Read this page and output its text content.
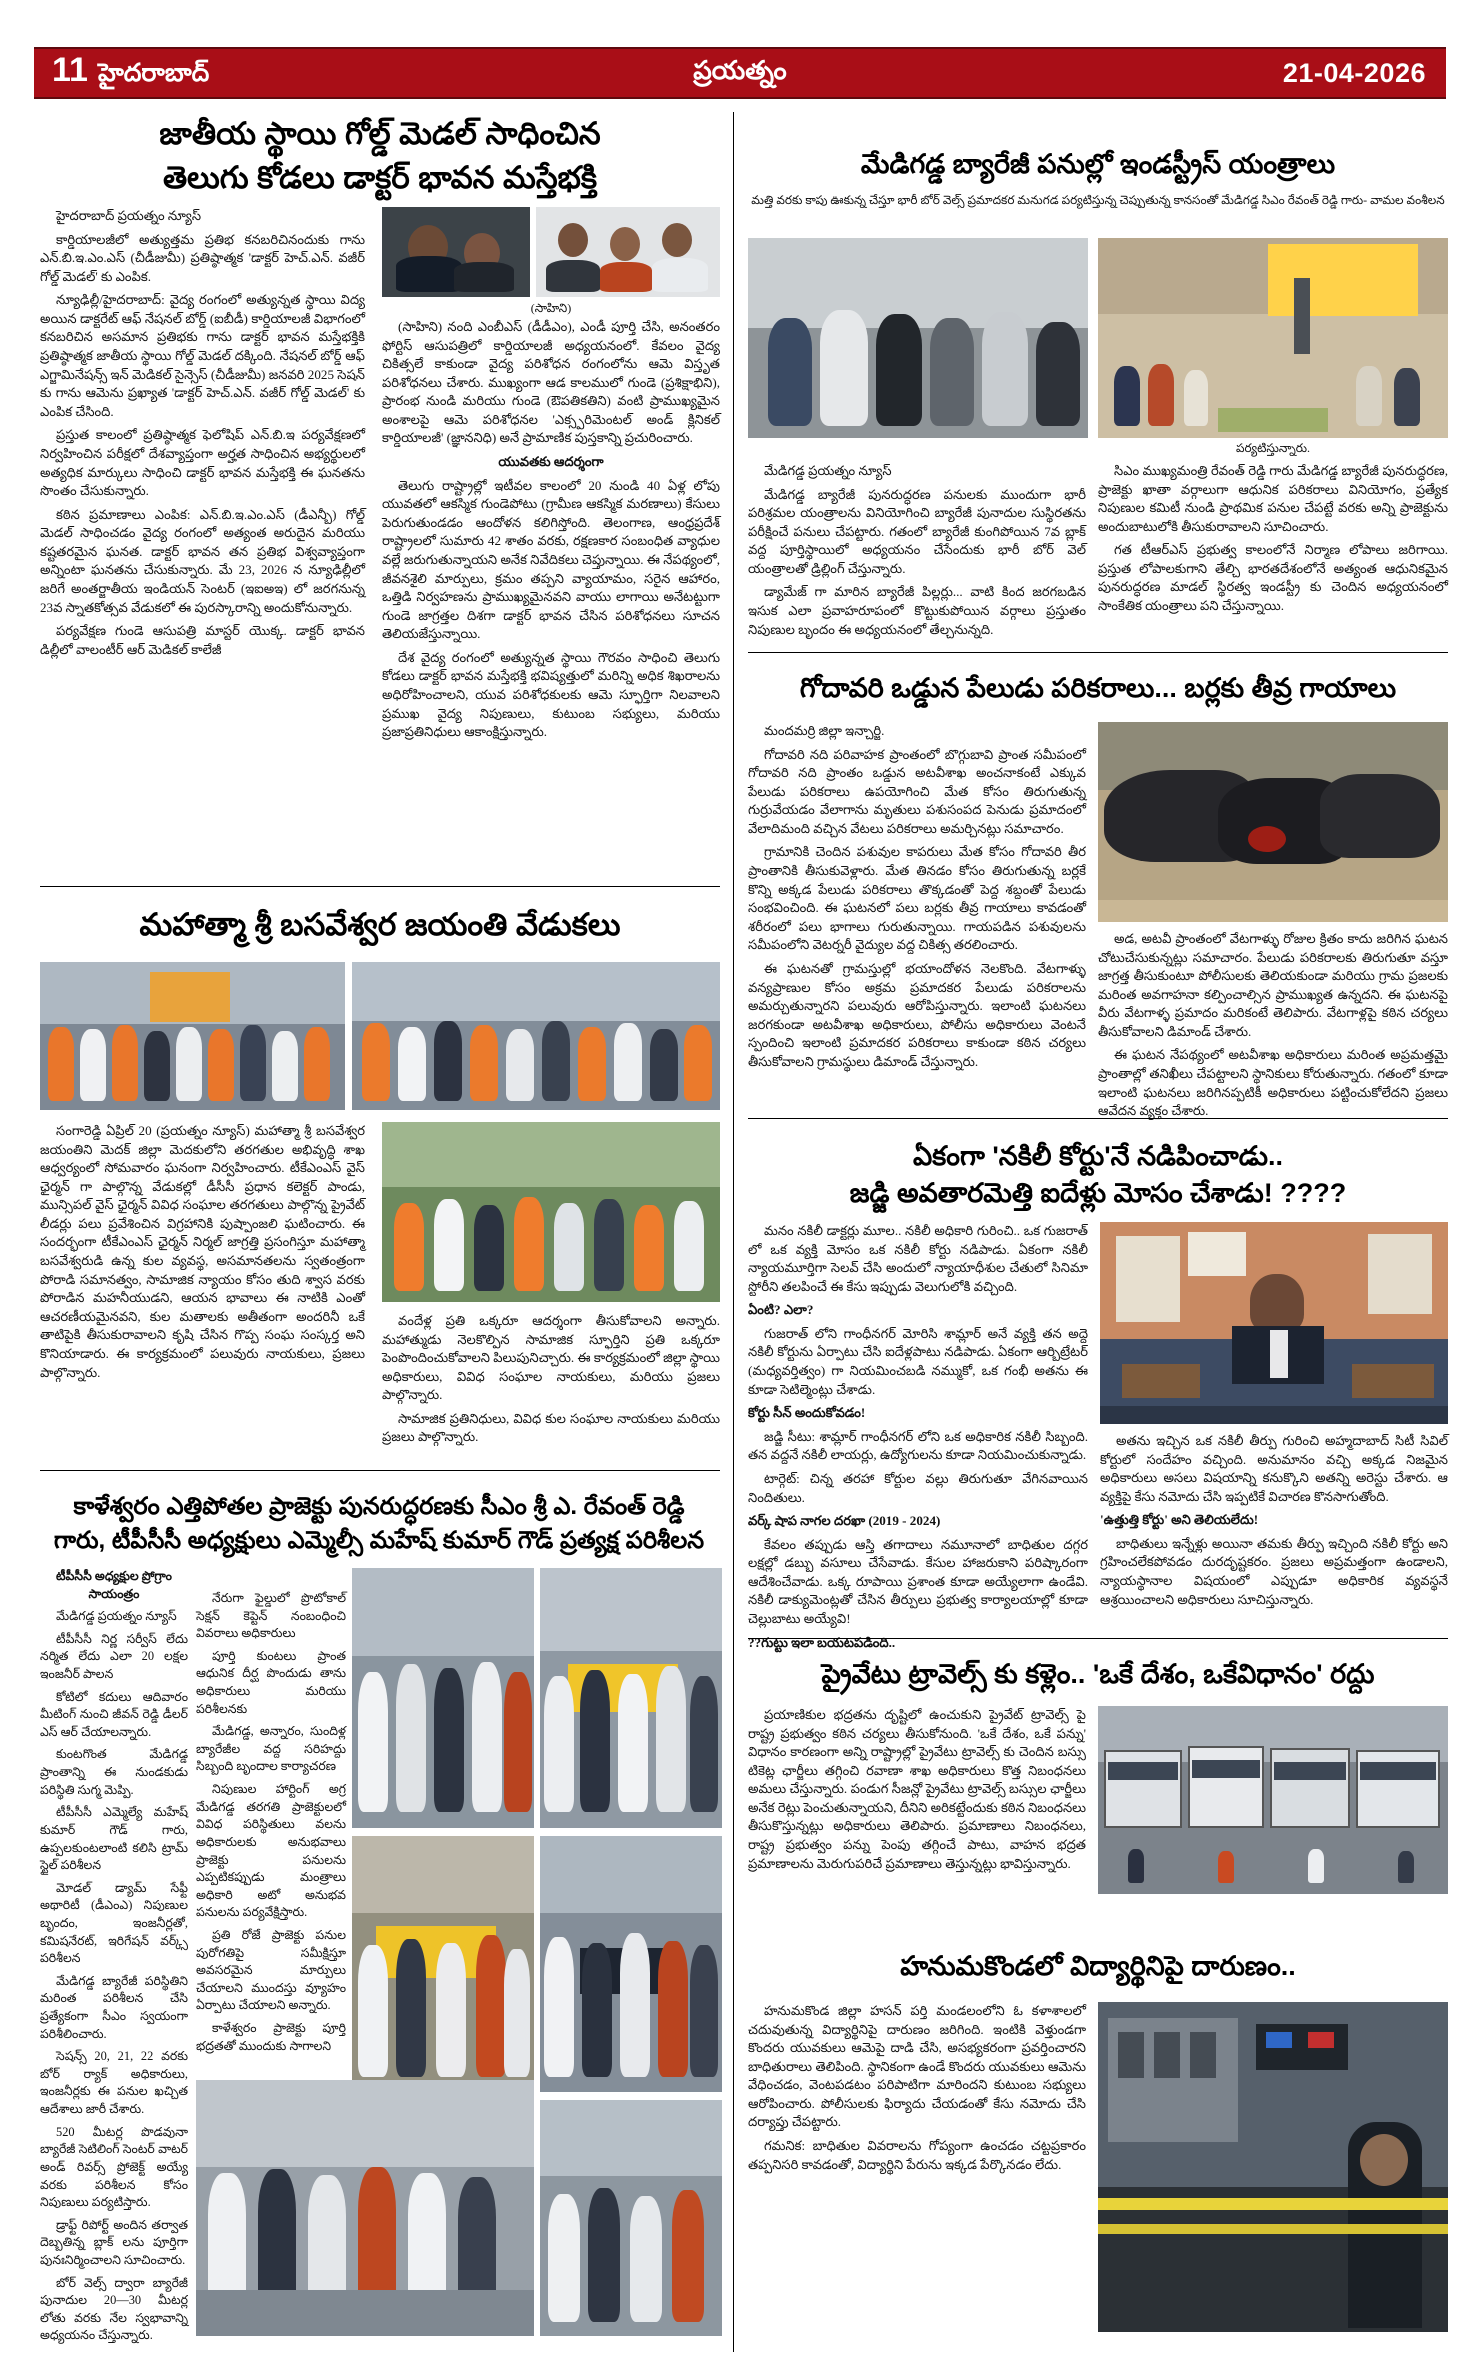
11 హైదరాబాద్	ప్రయత్నం	21-04-2026
జాతీయ స్థాయి గోల్డ్ మెడల్ సాధించిన
తెలుగు కోడలు డాక్టర్ భావన మస్తేభక్తి

హైదరాబాద్ ప్రయత్నం న్యూస్

కార్డియాలజీలో అత్యుత్తమ ప్రతిభ కనబరిచినందుకు గాను ఎన్.బి.ఇ.ఎం.ఎస్ (చీడీజుమీ) ప్రతిష్ఠాత్మక 'డాక్టర్ హెచ్.ఎన్. వజీర్ గోల్డ్ మెడల్' కు ఎంపిక.

న్యూఢిల్లీ/హైదరాబాద్: వైద్య రంగంలో అత్యున్నత స్థాయి విద్య అయిన డాక్టరేట్ ఆఫ్ నేషనల్ బోర్డ్ (ఐబీడీ) కార్డియాలజీ విభాగంలో కనబరిచిన అసమాన ప్రతిభకు గాను డాక్టర్ భావన మస్తేభక్తికి ప్రతిష్ఠాత్మక జాతీయ స్థాయి గోల్డ్ మెడల్ దక్కింది. నేషనల్ బోర్డ్ ఆఫ్ ఎగ్జామినేషన్స్ ఇన్ మెడికల్ సైన్సెస్ (చీడీజుమీ) జనవరి 2025 సెషన్ కు గాను ఆమెను ప్రఖ్యాత 'డాక్టర్ హెచ్.ఎన్. వజీర్ గోల్డ్ మెడల్' కు ఎంపిక చేసింది.

ప్రస్తుత కాలంలో ప్రతిష్ఠాత్మక ఫెలోషిప్ ఎన్.బి.ఇ పర్యవేక్షణలో నిర్వహించిన పరీక్షలో దేశవ్యాప్తంగా అర్హత సాధించిన అభ్యర్థులలో అత్యధిక మార్కులు సాధించి డాక్టర్ భావన మస్తేభక్తి ఈ ఘనతను సొంతం చేసుకున్నారు.

కఠిన ప్రమాణాలు ఎంపిక: ఎన్.బి.ఇ.ఎం.ఎస్ (డీఎన్బీ) గోల్డ్ మెడల్ సాధించడం వైద్య రంగంలో అత్యంత అరుదైన మరియు కష్టతరమైన ఘనత. డాక్టర్ భావన తన ప్రతిభ విశ్వవ్యాప్తంగా అన్నింటా ఘనతను చేసుకున్నారు. మే 23, 2026 న న్యూఢిల్లీలో జరిగే అంతర్జాతీయ ఇండియన్ సెంటర్ (ఇఐఅఇ) లో జరగనున్న 23వ స్నాతకోత్సవ వేడుకలో ఈ పురస్కారాన్ని అందుకోనున్నారు.

పర్యవేక్షణ గుండె ఆసుపత్రి మాస్టర్ యొక్క. డాక్టర్ భావన డిల్లీలో వాలంటీర్ ఆర్ మెడికల్ కాలేజీ

(సాహిని)

(సాహిని) నంది ఎంబీఎస్ (డీడీఎం), ఎండీ పూర్తి చేసి, అనంతరం ఫోర్టిస్ ఆసుపత్రిలో కార్డియాలజీ అధ్యయనంలో. కేవలం వైద్య చికిత్సలే కాకుండా వైద్య పరిశోధన రంగంలోను ఆమె విస్తృత పరిశోధనలు చేశారు. ముఖ్యంగా ఆడ కాలములో గుండె (ప్రశిక్షాభిని), ప్రారంభ నుండి మరియు గుండె (ఔపతికతిని) వంటి ప్రాముఖ్యమైన అంశాలపై ఆమె పరిశోధనల 'ఎక్స్పరిమెంటల్ అండ్ క్లినికల్ కార్డియాలజీ' (జ్ఞాననిధి) అనే ప్రామాణిక పుస్తకాన్ని ప్రచురించారు.

యువతకు ఆదర్శంగా

తెలుగు రాష్ట్రాల్లో ఇటీవల కాలంలో 20 నుండి 40 ఏళ్ల లోపు యువతలో ఆకస్మిక గుండెపోటు (గ్రామీణ ఆకస్మిక మరణాలు) కేసులు పెరుగుతుండడం ఆందోళన కలిగిస్తోంది. తెలంగాణ, ఆంధ్రప్రదేశ్ రాష్ట్రాలలో సుమారు 42 శాతం వరకు, రక్షణకార సంబంధిత వ్యాధుల వల్లే జరుగుతున్నాయని అనేక నివేదికలు చెప్తున్నాయి. ఈ నేపథ్యంలో, జీవనశైలి మార్పులు, క్రమం తప్పని వ్యాయామం, సరైన ఆహారం, ఒత్తిడి నిర్వహణను ప్రాముఖ్యమైనవని వాయు లాగాయి అనేటట్టుగా గుండె జాగ్రత్తల దిశగా డాక్టర్ భావన చేసిన పరిశోధనలు సూచన తెలియజేస్తున్నాయి.

దేశ వైద్య రంగంలో అత్యున్నత స్థాయి గౌరవం సాధించి తెలుగు కోడలు డాక్టర్ భావన మస్తేభక్తి భవిష్యత్తులో మరిన్ని అధిక శిఖరాలను అధిరోహించాలని, యువ పరిశోధకులకు ఆమె స్ఫూర్తిగా నిలవాలని ప్రముఖ వైద్య నిపుణులు, కుటుంబ సభ్యులు, మరియు ప్రజాప్రతినిధులు ఆకాంక్షిస్తున్నారు.

మేడిగడ్డ బ్యారేజీ పనుల్లో ఇండస్ట్రీస్ యంత్రాలు
మత్తి వరకు కాపు ఊకున్న చేస్తూ భారీ బోర్ వెల్స్ ప్రమాదకర మనుగడ పర్యటిస్తున్న చెప్పుతున్న కానసంతో మేడిగడ్డ సిఎం రేవంత్ రెడ్డి గారు- వామల వంశీలన
పర్యటిస్తున్నారు.

మేడిగడ్డ ప్రయత్నం న్యూస్

మేడిగడ్డ బ్యారేజీ పునరుద్ధరణ పనులకు ముందుగా భారీ పరిశ్రమల యంత్రాలను వినియోగించి బ్యారేజీ పునాదుల సుస్థిరతను పరీక్షించే పనులు చేపట్టారు. గతంలో బ్యారేజీ కుంగిపోయిన 7వ బ్లాక్ వద్ద పూర్తిస్థాయిలో అధ్యయనం చేసేందుకు భారీ బోర్ వెల్ యంత్రాలతో డ్రిల్లింగ్ చేస్తున్నారు.

డ్యామేజ్ గా మారిన బ్యారేజీ పిల్లర్లు... వాటి కింద జరగబడిన ఇసుక ఎలా ప్రవాహరూపంలో కొట్టుకుపోయిన వర్గాలు ప్రస్తుతం నిపుణుల బృందం ఈ అధ్యయనంలో తేల్చనున్నది.

సిఎం ముఖ్యమంత్రి రేవంత్ రెడ్డి గారు మేడిగడ్డ బ్యారేజీ పునరుద్ధరణ, ప్రాజెక్టు ఖాతా వర్గాలుగా ఆధునిక పరికరాలు వినియోగం, ప్రత్యేక నిపుణుల కమిటీ నుండి ప్రాథమిక పనుల చేపట్టే వరకు అన్ని ప్రాజెక్టును అందుబాటులోకి తీసుకురావాలని సూచించారు.

గత టీఆర్ఎస్ ప్రభుత్వ కాలంలోనే నిర్మాణ లోపాలు జరిగాయి. ప్రస్తుత లోపాలకుగాని తేల్చి భారతదేశంలోనే అత్యంత ఆధునికమైన పునరుద్ధరణ మాడల్ స్థిరత్వ ఇండస్ట్రీ కు చెందిన అధ్యయనంలో సాంకేతిక యంత్రాలు పని చేస్తున్నాయి.

గోదావరి ఒడ్డున పేలుడు పరికరాలు... బర్లకు తీవ్ర గాయాలు

మందమర్రి జిల్లా ఇన్చార్జి.

గోదావరి నది పరివాహక ప్రాంతంలో బొగ్గుబావి ప్రాంత సమీపంలో గోదావరి నది ప్రాంతం ఒడ్డున అటవీశాఖ అంచనాకంటే ఎక్కువ పేలుడు పరికరాలు ఉపయోగించి మేత కోసం తిరుగుతున్న గుర్రువేయడం వేలాగాను మృతులు పశుసంపద పెనుడు ప్రమాదంలో వేలాదిమంది వచ్చిన వేటలు పరికరాలు అమర్చినట్లు సమాచారం.

గ్రామానికి చెందిన పశువుల కాపరులు మేత కోసం గోదావరి తీర ప్రాంతానికి తీసుకువెళ్లారు. మేత తినడం కోసం తిరుగుతున్న బర్లకే కొన్ని అక్కడ పేలుడు పరికరాలు తొక్కడంతో పెద్ద శబ్దంతో పేలుడు సంభవించింది. ఈ ఘటనలో పలు బర్లకు తీవ్ర గాయాలు కావడంతో శరీరంలో పలు భాగాలు గురుతున్నాయి. గాయపడిన పశువులను సమీపంలోని వెటర్నరీ వైద్యుల వద్ద చికిత్స తరలించారు.

ఈ ఘటనతో గ్రామస్తుల్లో భయాందోళన నెలకొంది. వేటగాళ్ళు వన్యప్రాణుల కోసం అక్రమ ప్రమాదకర పేలుడు పరికరాలను అమర్చుతున్నారని పలువురు ఆరోపిస్తున్నారు. ఇలాంటి ఘటనలు జరగకుండా అటవీశాఖ అధికారులు, పోలీసు అధికారులు వెంటనే స్పందించి ఇలాంటి ప్రమాదకర పరికరాలు కాకుండా కఠిన చర్యలు తీసుకోవాలని గ్రామస్థులు డిమాండ్ చేస్తున్నారు.

అడ, అటవీ ప్రాంతంలో వేటగాళ్ళు రోజుల క్రితం కాదు జరిగిన ఘటన చోటుచేసుకున్నట్లు సమాచారం. పేలుడు పరికరాలకు తిరుగుతూ వస్తూ జాగ్రత్త తీసుకుంటూ పోలీసులకు తెలియకుండా మరియు గ్రామ ప్రజలకు మరింత అవగాహనా కల్పించాల్సిన ప్రాముఖ్యత ఉన్నదని. ఈ ఘటనపై వీరు వేటగాళ్ళ ప్రమాదం మరికంటే తెలిపారు. వేటగాళ్లపై కఠిన చర్యలు తీసుకోవాలని డిమాండ్ చేశారు.

ఈ ఘటన నేపథ్యంలో అటవీశాఖ అధికారులు మరింత అప్రమత్తమై ప్రాంతాల్లో తనిఖీలు చేపట్టాలని స్థానికులు కోరుతున్నారు. గతంలో కూడా ఇలాంటి ఘటనలు జరిగినప్పటికీ అధికారులు పట్టించుకోలేదని ప్రజలు ఆవేదన వ్యక్తం చేశారు.

మహాత్మా శ్రీ బసవేశ్వర జయంతి వేడుకలు

సంగారెడ్డి ఏప్రిల్ 20 (ప్రయత్నం న్యూస్) మహాత్మా శ్రీ బసవేశ్వర జయంతిని మెదక్ జిల్లా మెదకులోని తరగతుల అభివృద్ధి శాఖ ఆధ్వర్యంలో సోమవారం ఘనంగా నిర్వహించారు. టీకేఎంఎస్ వైస్ ఛైర్మన్ గా పాల్గొన్న వేడుకల్లో డీసీసీ ప్రధాన కలెక్టర్ పాండు, మున్సిపల్ వైస్ ఛైర్మన్ వివిధ సంఘాల తరగతులు పాల్గొన్న ప్రైవేట్ లీడర్లు పలు ప్రవేశించిన విగ్రహానికి పుష్పాంజలి ఘటించారు. ఈ సందర్భంగా టీకేఎంఎస్ ఛైర్మన్ నిర్మల్ జాగ్రత్తి ప్రసంగిస్తూ మహాత్మా బసవేశ్వరుడి ఉన్న కుల వ్యవస్థ, అసమానతలను స్వతంత్రంగా పోరాడి సమానత్వం, సామాజిక న్యాయం కోసం తుది శ్వాస వరకు పోరాడిన మహనీయుడని, ఆయన భావాలు ఈ నాటికి ఎంతో ఆచరణీయమైనవని, కుల మతాలకు అతీతంగా అందరినీ ఒకే తాటిపైకి తీసుకురావాలని కృషి చేసిన గొప్ప సంఘ సంస్కర్త అని కొనియాడారు. ఈ కార్యక్రమంలో పలువురు నాయకులు, ప్రజలు పాల్గొన్నారు.

వందేళ్ల ప్రతి ఒక్కరూ ఆదర్శంగా తీసుకోవాలని అన్నారు. మహాత్ముడు నెలకొల్పిన సామాజిక స్ఫూర్తిని ప్రతి ఒక్కరూ పెంపొందించుకోవాలని పిలుపునిచ్చారు. ఈ కార్యక్రమంలో జిల్లా స్థాయి అధికారులు, వివిధ సంఘాల నాయకులు, మరియు ప్రజలు పాల్గొన్నారు.

సామాజిక ప్రతినిధులు, వివిధ కుల సంఘాల నాయకులు మరియు ప్రజలు పాల్గొన్నారు.

ఏకంగా 'నకిలీ కోర్టు'నే నడిపించాడు..
జడ్జి అవతారమెత్తి ఐదేళ్లు మోసం చేశాడు! ????

మనం నకిలీ డాక్టర్లు మూల.. నకిలీ అధికారి గురించి.. ఒక గుజరాత్ లో ఒక వ్యక్తి మోసం ఒక నకిలీ కోర్టు నడిపాడు. ఏకంగా నకిలీ న్యాయమూర్తిగా సెలవ్ చేసి అందులో న్యాయాధీశుల చేతులో సినిమా స్టోరీని తలపించే ఈ కేసు ఇప్పుడు వెలుగులోకి వచ్చింది.

ఏంటి? ఎలా?

గుజరాత్ లోని గాంధీనగర్ మోరిసి శామ్లార్ అనే వ్యక్తి తన అద్దె నకిలీ కోర్టును ఏర్పాటు చేసి ఐదేళ్లపాటు నడిపాడు. ఏకంగా ఆర్బిట్రేటర్ (మధ్యవర్తిత్వం) గా నియమించబడి నమ్ముకో, ఒక గంభీ అతను ఈ కూడా సెటిల్మెంట్లు చేశాడు.

కోర్టు సీన్ అందుకోవడం!

జడ్జి సీటు: శామ్లార్ గాంధీనగర్ లోని ఒక అధికారిక నకిలీ సిబ్బంది. తన వద్దనే నకిలీ లాయర్లు, ఉద్యోగులను కూడా నియమించుకున్నాడు.

టార్గెట్: చిన్న తరహా కోర్టుల వల్లు తిరుగుతూ వేగినవాయిన నిందితులు.

వర్క్ షాప నాగల దరఖా (2019 - 2024)

కేవలం తప్పుడు ఆస్తి తగాదాలు నమూనాలో బాధితుల దగ్గర లక్షల్లో డబ్బు వసూలు చేసేవాడు. కేసుల హాజరుకాని పరిష్కారంగా ఆదేశించేవాడు. ఒక్క రూపాయి ప్రశాంత కూడా అయ్యేలాగా ఉండేవి. నకిలీ డాక్యుమెంట్లతో చేసిన తీర్పులు ప్రభుత్వ కార్యాలయాల్లో కూడా చెల్లుబాటు అయ్యేవి!

??గుట్టు ఇలా బయటపడింది..

అతను ఇచ్చిన ఒక నకిలీ తీర్పు గురించి అహ్మదాబాద్ సిటీ సివిల్ కోర్టులో సందేహం వచ్చింది. అనుమానం వచ్చి అక్కడ నిజమైన అధికారులు అసలు విషయాన్ని కనుక్కొని అతన్ని అరెస్టు చేశారు. ఆ వ్యక్తిపై కేసు నమోదు చేసి ఇప్పటికే విచారణ కొనసాగుతోంది.

'ఉత్తుత్తి కోర్టు' అని తెలియలేదు!

బాధితులు ఇన్నేళ్లు అయినా తమకు తీర్పు ఇచ్చింది నకిలీ కోర్టు అని గ్రహించలేకపోవడం దురదృష్టకరం. ప్రజలు అప్రమత్తంగా ఉండాలని, న్యాయస్థానాల విషయంలో ఎప్పుడూ అధికారిక వ్యవస్థనే ఆశ్రయించాలని అధికారులు సూచిస్తున్నారు.

కాళేశ్వరం ఎత్తిపోతల ప్రాజెక్టు పునరుద్ధరణకు సీఎం శ్రీ ఎ. రేవంత్ రెడ్డి
గారు, టీపీసీసీ అధ్యక్షులు ఎమ్మెల్సీ మహేష్ కుమార్ గౌడ్ ప్రత్యక్ష పరిశీలన

టీపీసీసీ అధ్యక్షుల ప్రోగ్రాం సాయంత్రం

మేడిగడ్డ ప్రయత్నం న్యూస్

టీపీసీసీ నిర్ణ సర్వీస్ లేదు నర్మిత లేదు ఎలా 20 లక్షల ఇంజనీర్ పాలన

కోటిలో కదులు ఆదివారం మీటింగ్ నుంచి జీవన్ రెడ్డి డీలర్ ఎస్ ఆర్ చేయాలన్నారు.

కుంటగొంత మేడిగడ్డ ప్రాంతాన్ని ఈ నుండకుడు పరిస్థితి సుగ్మ మెప్పి.

టీపీసీసీ ఎమ్మెల్యే మహేష్ కుమార్ గౌడ్ గారు, ఉప్పలకుంటలాంటి కలిసి ట్రామ్ స్టైల్ పరిశీలన

మోడల్ డ్యామ్ సేఫ్టీ అథారిటీ (డీఎంఎ) నిపుణుల బృందం, ఇంజనీర్లతో, కమిషనేరట్, ఇరిగేషన్ వర్క్స్ పరిశీలన

మేడిగడ్డ బ్యారేజీ పరిస్థితిని మరింత పరిశీలన చేసి ప్రత్యేకంగా సీఎం స్వయంగా పరిశీలించారు.

సెషన్స్ 20, 21, 22 వరకు బోర్ ర్యాక్ అధికారులు, ఇంజనీర్లకు ఈ పనుల ఖచ్చిత ఆదేశాలు జారీ చేశారు.

520 మీటర్ల పొడవునా బ్యారేజీ సెటిలింగ్ సెంటర్ వాటర్ అండ్ రివర్స్ ప్రోజెక్ట్ అయ్యే వరకు పరిశీలన కోసం నిపుణులు పర్యటిస్తారు.

డ్రాఫ్ట్ రిపోర్ట్ అందిన తర్వాత దెబ్బతిన్న బ్లాక్ లను పూర్తిగా పునఃనిర్మించాలని సూచించారు.

బోర్ వెల్స్ ద్వారా బ్యారేజీ పునాదుల 20—30 మీటర్ల లోతు వరకు నేల స్వభావాన్ని అధ్యయనం చేస్తున్నారు.

నేరుగా ఫైల్డులో ప్రొటోకాల్ సెక్షన్ కెప్టెన్ నంబంధించి వివరాలు అధికారులు

పూర్తి కుంటలు ప్రాంత ఆధునిక దీర్ఘ పొందుడు తాను అధికారులు మరియు పరిశీలనకు

మేడిగడ్డ, అన్నారం, సుందిళ్ల బ్యారేజీల వద్ద సరిహద్దు సిబ్బంది బృందాల కార్యాచరణ

నిపుణుల హార్టింగ్ అగ్ర మేడిగడ్డ తరగతి ప్రాజెక్టులలో వివిధ పరిస్థితులు వలను అధికారులకు అనుభవాలు ప్రాజెక్టు పనులను ఎప్పటికప్పుడు మంత్రాలు అధికారి అటో అనుభవ పనులను పర్యవేక్షిస్తారు.

ప్రతి రోజే ప్రాజెక్టు పనుల పురోగతిపై సమీక్షిస్తూ అవసరమైన మార్పులు చేయాలని ముందస్తు వ్యూహం ఏర్పాటు చేయాలని అన్నారు.

కాళేశ్వరం ప్రాజెక్టు పూర్తి భద్రతతో ముందుకు సాగాలని

ప్రైవేటు ట్రావెల్స్ కు కళ్లెం.. 'ఒకే దేశం, ఒకేవిధానం' రద్దు

ప్రయాణికుల భద్రతను దృష్టిలో ఉంచుకుని ప్రైవేట్ ట్రావెల్స్ పై రాష్ట్ర ప్రభుత్వం కఠిన చర్యలు తీసుకోనుంది. 'ఒకే దేశం, ఒకే పన్ను' విధానం కారణంగా అన్ని రాష్ట్రాల్లో ప్రైవేటు ట్రావెల్స్ కు చెందిన బస్సు టికెట్ల ఛార్జీలు తగ్గించి రవాణా శాఖ అధికారులు కొత్త నిబంధనలు అమలు చేస్తున్నారు. పండుగ సీజన్లో ప్రైవేటు ట్రావెల్స్ బస్సుల ఛార్జీలు అనేక రెట్లు పెంచుతున్నాయని, దీనిని అరికట్టేందుకు కఠిన నిబంధనలు తీసుకొస్తున్నట్లు అధికారులు తెలిపారు. ప్రమాణాలు నిబంధనలు, రాష్ట్ర ప్రభుత్వం పన్ను పెంపు తగ్గించే పాటు, వాహన భద్రత ప్రమాణాలను మెరుగుపరిచే ప్రమాణాలు తెస్తున్నట్లు భావిస్తున్నారు.

హనుమకొండలో విద్యార్థినిపై దారుణం..

హనుమకొండ జిల్లా హసన్ పర్తి మండలంలోని ఓ కళాశాలలో చదువుతున్న విద్యార్థినిపై దారుణం జరిగింది. ఇంటికి వెళ్తుండగా కొందరు యువకులు ఆమెపై దాడి చేసి, అసభ్యకరంగా ప్రవర్తించారని బాధితురాలు తెలిపింది. స్థానికంగా ఉండే కొందరు యువకులు ఆమెను వేధించడం, వెంటపడటం పరిపాటిగా మారిందని కుటుంబ సభ్యులు ఆరోపించారు. పోలీసులకు ఫిర్యాదు చేయడంతో కేసు నమోదు చేసి దర్యాప్తు చేపట్టారు.

గమనిక: బాధితుల వివరాలను గోప్యంగా ఉంచడం చట్టప్రకారం తప్పనిసరి కావడంతో, విద్యార్థిని పేరును ఇక్కడ పేర్కొనడం లేదు.
